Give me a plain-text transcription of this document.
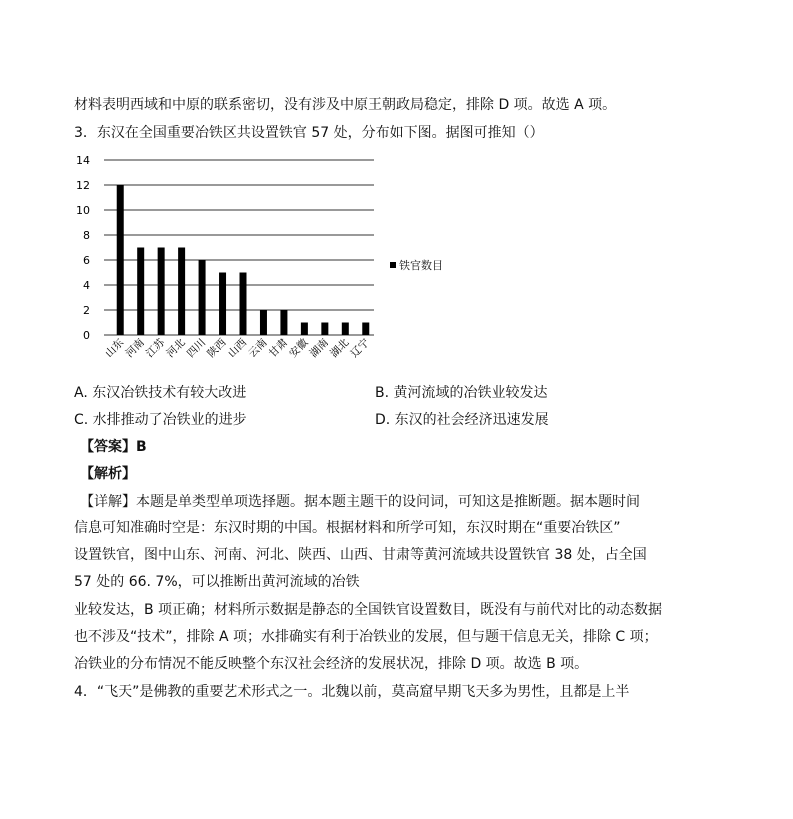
材料表明西域和中原的联系密切，没有涉及中原王朝政局稳定，排除 D 项。故选 A 项。
3．东汉在全国重要冶铁区共设置铁官 57 处，分布如下图。据图可推知（）
0
2
4
6
8
10
12
14
山东
河南
江苏
河北
四川
陕西
山西
云南
甘肃
安徽
湖南
湖北
辽宁
铁官数目
A. 东汉冶铁技术有较大改进	B. 黄河流域的冶铁业较发达
C. 水排推动了冶铁业的进步	D. 东汉的社会经济迅速发展
【答案】B
【解析】
【详解】本题是单类型单项选择题。据本题主题干的设问词，可知这是推断题。据本题时间
信息可知准确时空是：东汉时期的中国。根据材料和所学可知，东汉时期在“重要冶铁区”
设置铁官，图中山东、河南、河北、陕西、山西、甘肃等黄河流域共设置铁官 38 处，占全国
57 处的 66. 7%，可以推断出黄河流域的冶铁
业较发达，B 项正确；材料所示数据是静态的全国铁官设置数目，既没有与前代对比的动态数据
也不涉及“技术”，排除 A 项；水排确实有利于冶铁业的发展，但与题干信息无关，排除 C 项；
冶铁业的分布情况不能反映整个东汉社会经济的发展状况，排除 D 项。故选 B 项。
4．“飞天”是佛教的重要艺术形式之一。北魏以前，莫高窟早期飞天多为男性，且都是上半
